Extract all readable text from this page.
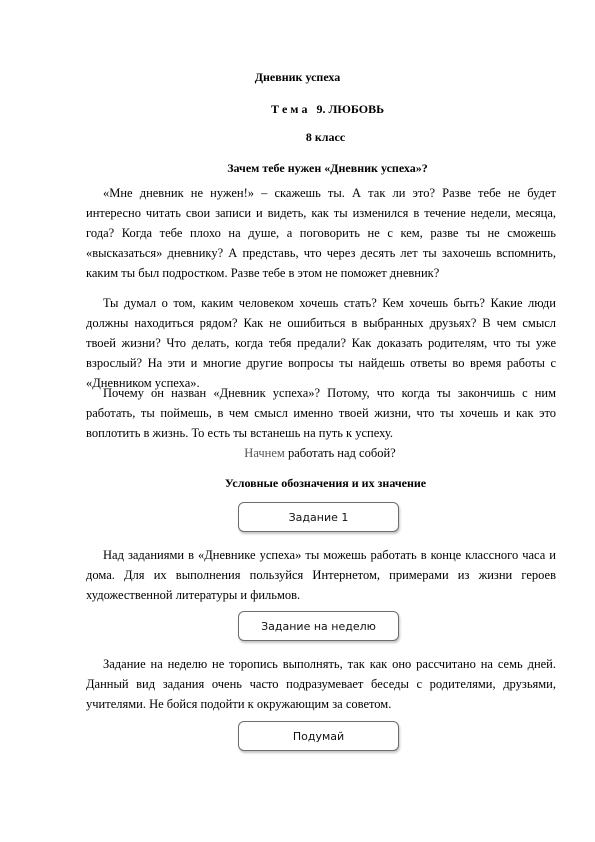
Дневник успеха
Т е м а   9. ЛЮБОВЬ
8 класс
Зачем тебе нужен «Дневник успеха»?

«Мне дневник не нужен!» – скажешь ты. А так ли это? Разве тебе не будет интересно читать свои записи и видеть, как ты изменился в течение недели, месяца, года? Когда тебе плохо на душе, а поговорить не с кем, разве ты не сможешь «высказаться» дневнику? А представь, что через десять лет ты захочешь вспомнить, каким ты был подростком. Разве тебе в этом не поможет дневник?

Ты думал о том, каким человеком хочешь стать? Кем хочешь быть? Какие люди должны находиться рядом? Как не ошибиться в выбранных друзьях? В чем смысл твоей жизни? Что делать, когда тебя предали? Как доказать родителям, что ты уже взрослый? На эти и многие другие вопросы ты найдешь ответы во время работы с «Дневником успеха».

Почему он назван «Дневник успеха»? Потому, что когда ты закончишь с ним работать, ты поймешь, в чем смысл именно твоей жизни, что ты хочешь и как это воплотить в жизнь. То есть ты встанешь на путь к успеху.

Начнем работать над собой?
Условные обозначения и их значение
Задание 1

Над заданиями в «Дневнике успеха» ты можешь работать в конце классного часа и дома. Для их выполнения пользуйся Интернетом, примерами из жизни героев художественной литературы и фильмов.

Задание на неделю

Задание на неделю не торопись выполнять, так как оно рассчитано на семь дней. Данный вид задания очень часто подразумевает беседы с родителями, друзьями, учителями. Не бойся подойти к окружающим за советом.

Подумай
